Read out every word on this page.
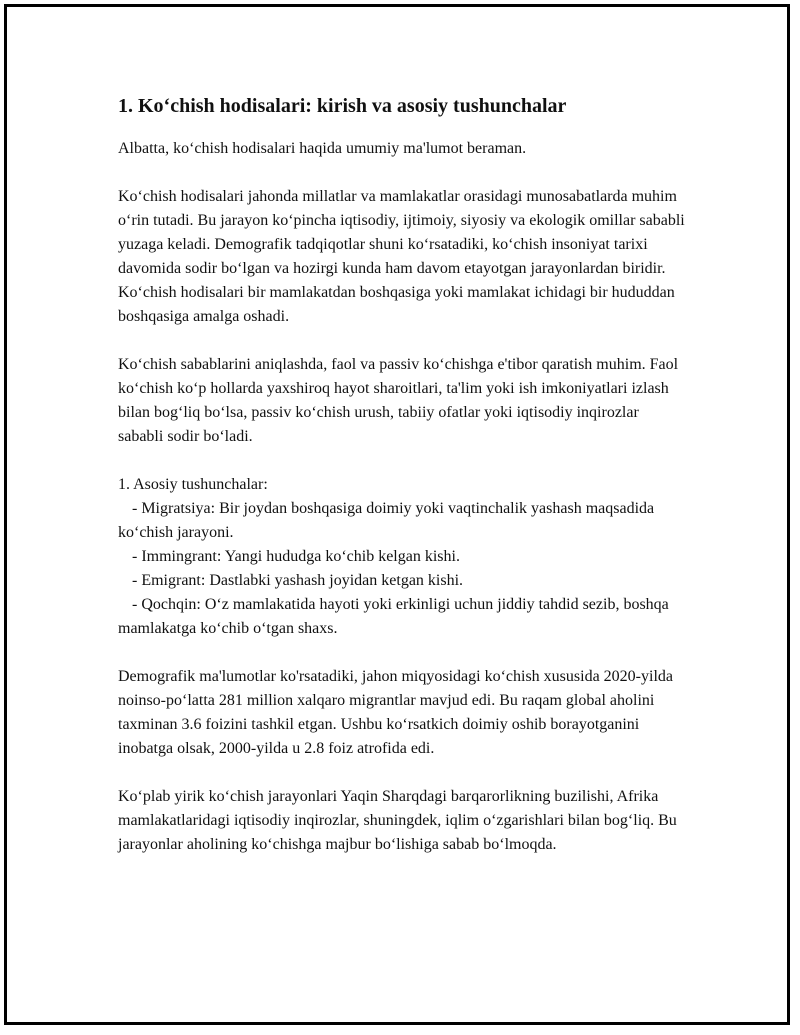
1. Ko‘chish hodisalari: kirish va asosiy tushunchalar

Albatta, ko‘chish hodisalari haqida umumiy ma'lumot beraman.

Ko‘chish hodisalari jahonda millatlar va mamlakatlar orasidagi munosabatlarda muhim o‘rin tutadi. Bu jarayon ko‘pincha iqtisodiy, ijtimoiy, siyosiy va ekologik omillar sababli yuzaga keladi. Demografik tadqiqotlar shuni ko‘rsatadiki, ko‘chish insoniyat tarixi davomida sodir bo‘lgan va hozirgi kunda ham davom etayotgan jarayonlardan biridir. Ko‘chish hodisalari bir mamlakatdan boshqasiga yoki mamlakat ichidagi bir hududdan boshqasiga amalga oshadi.

Ko‘chish sabablarini aniqlashda, faol va passiv ko‘chishga e'tibor qaratish muhim. Faol ko‘chish ko‘p hollarda yaxshiroq hayot sharoitlari, ta'lim yoki ish imkoniyatlari izlash bilan bog‘liq bo‘lsa, passiv ko‘chish urush, tabiiy ofatlar yoki iqtisodiy inqirozlar sababli sodir bo‘ladi.

1. Asosiy tushunchalar:

- Migratsiya: Bir joydan boshqasiga doimiy yoki vaqtinchalik yashash maqsadida ko‘chish jarayoni.

- Immingrant: Yangi hududga ko‘chib kelgan kishi.

- Emigrant: Dastlabki yashash joyidan ketgan kishi.

- Qochqin: O‘z mamlakatida hayoti yoki erkinligi uchun jiddiy tahdid sezib, boshqa mamlakatga ko‘chib o‘tgan shaxs.

Demografik ma'lumotlar ko'rsatadiki, jahon miqyosidagi ko‘chish xususida 2020-yilda noinso-po‘latta 281 million xalqaro migrantlar mavjud edi. Bu raqam global aholini taxminan 3.6 foizini tashkil etgan. Ushbu ko‘rsatkich doimiy oshib borayotganini inobatga olsak, 2000-yilda u 2.8 foiz atrofida edi.

Ko‘plab yirik ko‘chish jarayonlari Yaqin Sharqdagi barqarorlikning buzilishi, Afrika mamlakatlaridagi iqtisodiy inqirozlar, shuningdek, iqlim o‘zgarishlari bilan bog‘liq. Bu jarayonlar aholining ko‘chishga majbur bo‘lishiga sabab bo‘lmoqda.
